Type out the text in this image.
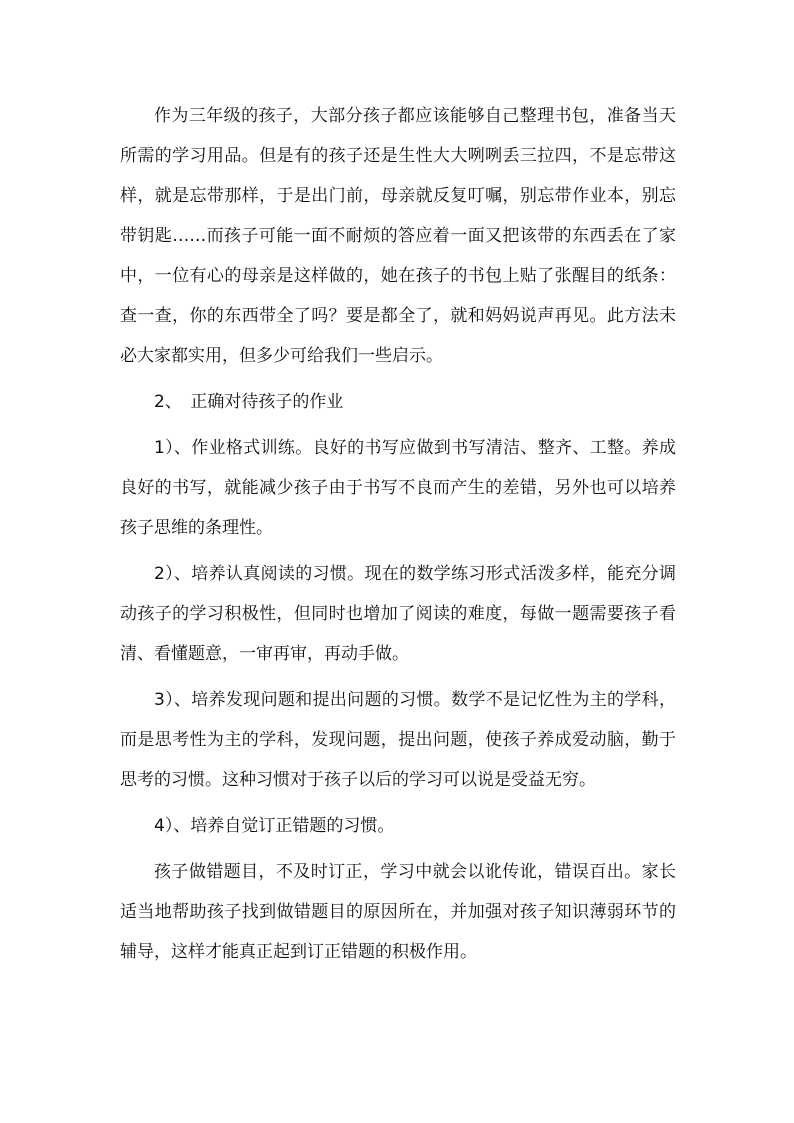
作为三年级的孩子，大部分孩子都应该能够自己整理书包，准备当天所需的学习用品。但是有的孩子还是生性大大咧咧丢三拉四，不是忘带这样，就是忘带那样，于是出门前，母亲就反复叮嘱，别忘带作业本，别忘带钥匙……而孩子可能一面不耐烦的答应着一面又把该带的东西丢在了家中，一位有心的母亲是这样做的，她在孩子的书包上贴了张醒目的纸条：查一查，你的东西带全了吗？要是都全了，就和妈妈说声再见。此方法未必大家都实用，但多少可给我们一些启示。

2、　正确对待孩子的作业

1）、作业格式训练。良好的书写应做到书写清洁、整齐、工整。养成良好的书写，就能减少孩子由于书写不良而产生的差错，另外也可以培养孩子思维的条理性。

2）、培养认真阅读的习惯。现在的数学练习形式活泼多样，能充分调动孩子的学习积极性，但同时也增加了阅读的难度，每做一题需要孩子看清、看懂题意，一审再审，再动手做。

3）、培养发现问题和提出问题的习惯。数学不是记忆性为主的学科，而是思考性为主的学科，发现问题，提出问题，使孩子养成爱动脑，勤于思考的习惯。这种习惯对于孩子以后的学习可以说是受益无穷。

4）、培养自觉订正错题的习惯。

孩子做错题目，不及时订正，学习中就会以讹传讹，错误百出。家长适当地帮助孩子找到做错题目的原因所在，并加强对孩子知识薄弱环节的辅导，这样才能真正起到订正错题的积极作用。
